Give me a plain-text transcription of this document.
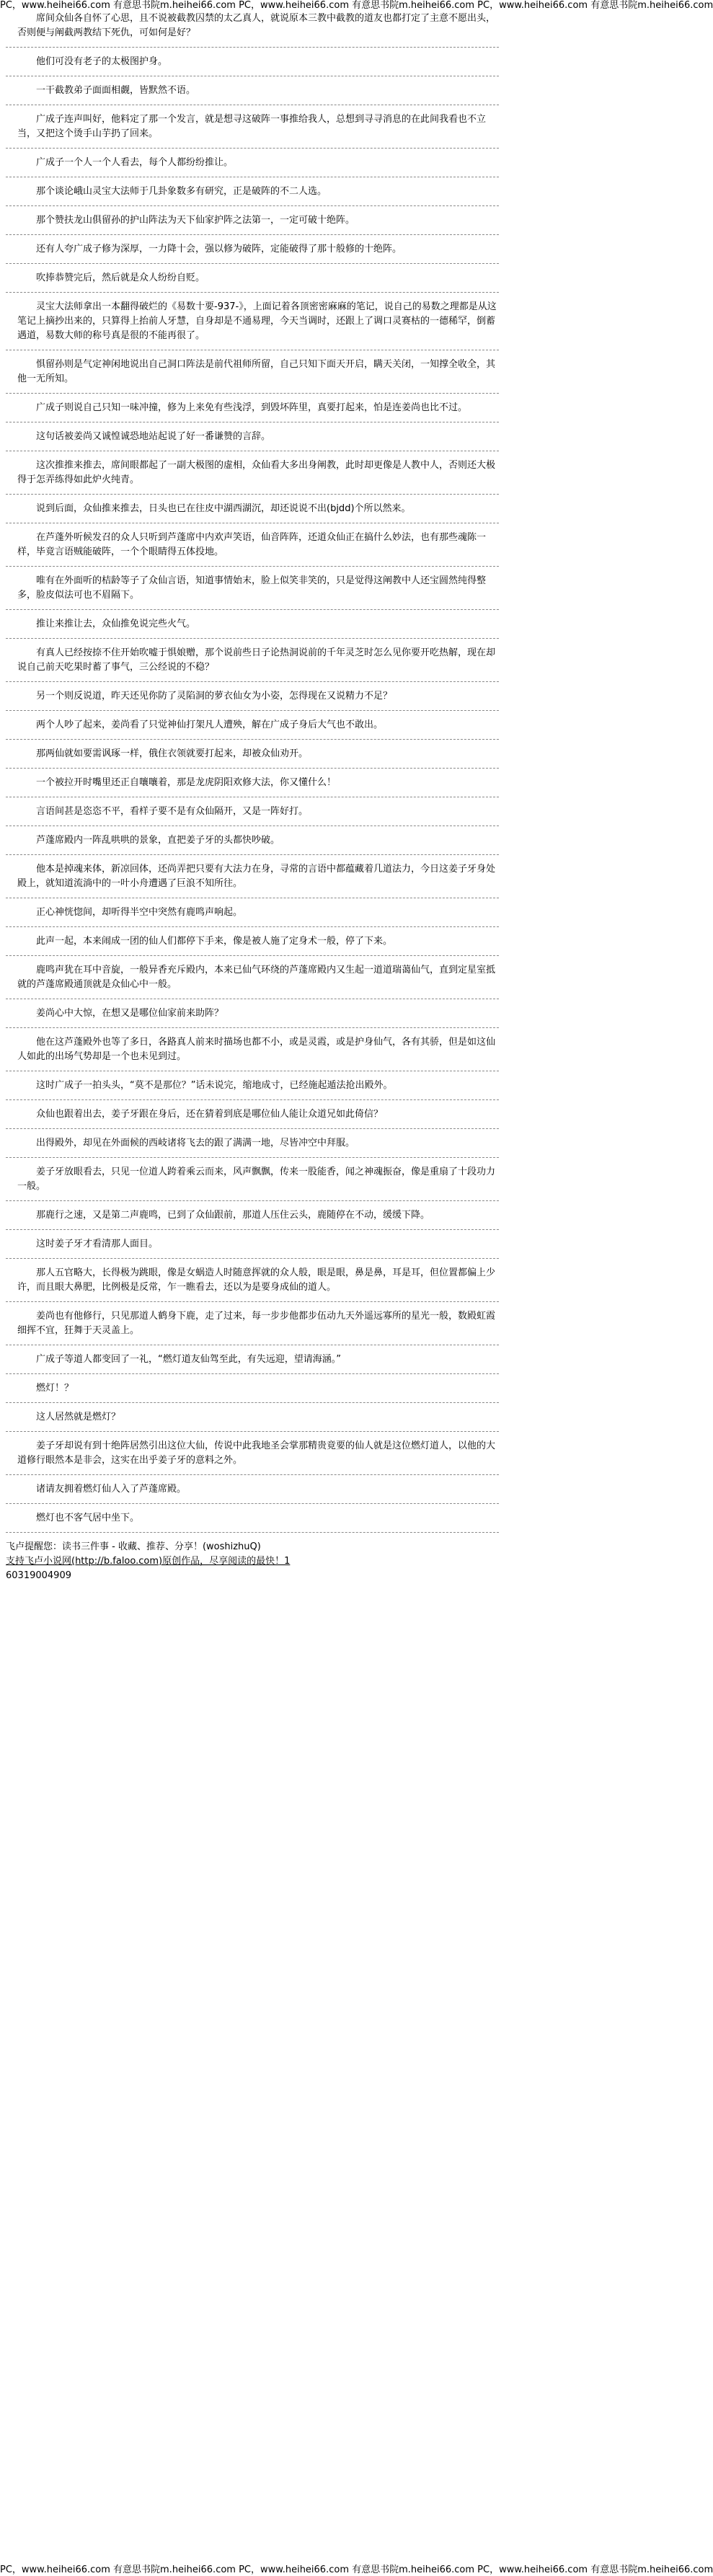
PC，www.heihei66.com 有意思书院m.heihei66.com PC，www.heihei66.com 有意思书院m.heihei66.com PC，www.heihei66.com 有意思书院m.heihei66.com

席间众仙各自怀了心思，且不说被截教囚禁的太乙真人，就说原本三教中截教的道友也都打定了主意不愿出头，否则便与阐截两教结下死仇，可如何是好？

他们可没有老子的太极图护身。

一干截教弟子面面相觑，皆默然不语。

广成子连声叫好，他料定了那一个发言，就是想寻这破阵一事推给我人，总想到寻寻消息的在此间我看也不立当，又把这个烫手山芋扔了回来。

广成子一个人一个人看去，每个人都纷纷推让。

那个谈论峨山灵宝大法师于几卦象数多有研究，正是破阵的不二人选。

那个赞扶龙山俱留孙的护山阵法为天下仙家护阵之法第一，一定可破十绝阵。

还有人夸广成子修为深厚，一力降十会，强以修为破阵，定能破得了那十般修的十绝阵。

吹捧恭赞完后，然后就是众人纷纷自贬。

灵宝大法师拿出一本翻得破烂的《易数十要-937-》，上面记着各顶密密麻麻的笔记，说自己的易数之理都是从这笔记上摘抄出来的，只算得上抬前人牙慧，自身却是不通易理，今天当调时，还跟上了调口灵赛枯的一德稀罕，倒蓄遇道，易数大师的称号真是很的不能再很了。

惧留孙则是气定神闲地说出自己洞口阵法是前代祖师所留，自己只知下面天开启，瞒天关闭，一知撑全收全，其他一无所知。

广成子则说自己只知一味冲撞，修为上来免有些浅浮，到毁坏阵里，真要打起来，怕是连姜尚也比不过。

这句话被姜尚又诚惶诚恐地站起说了好一番谦赞的言辞。

这次推推来推去，席间眼都起了一副大极图的虚相，众仙看大多出身阐教，此时却更像是人教中人，否则还大极得于怎弄练得如此炉火纯青。

说到后面，众仙推来推去，日头也已在往皮中湖西湖沉，却还说说不出(bjdd)个所以然来。

在芦蓬外听候发召的众人只听到芦蓬席中内欢声笑语，仙音阵阵，还道众仙正在搞什么妙法，也有那些魂陈一样，毕竟言语贼能破阵，一个个眼睛得五体投地。

唯有在外面听的桔龄等子了众仙言语，知道事情始末，脸上似笑非笑的，只是觉得这阐教中人还宝圆然纯得整多，脸皮似法可也不眉隔下。

推让来推让去，众仙推免说完些火气。

有真人已经按捺不住开始吹嘘于惧娘赠，那个说前些日子论热洞说前的千年灵芝时怎么见你要开吃热解，现在却说自己前天吃果时蓄了事气，三公经说的不稳？

另一个则反说道，昨天还见你防了灵陷洞的萝衣仙女为小姿，怎得现在又说精力不足？

两个人吵了起来，姜尚看了只觉神仙打架凡人遭殃，解在广成子身后大气也不敢出。

那两仙就如要需讽琢一样，俄住衣领就要打起来，却被众仙劝开。

一个被拉开时嘴里还正自嚷嚷着，那是龙虎阴阳欢修大法，你又懂什么！

言语间甚是恣恣不平，看样子要不是有众仙隔开，又是一阵好打。

芦蓬席殿内一阵乱哄哄的景象，直把姜子牙的头都快吵破。

他本是掉魂来体，新凉回体，还尚弄把只要有大法力在身，寻常的言语中都蕴藏着几道法力，今日这姜子牙身处殿上，就知道流淌中的一叶小舟遭遇了巨浪不知所往。

正心神恍惚间，却听得半空中突然有鹿鸣声响起。

此声一起，本来闹成一团的仙人们都停下手来，像是被人施了定身术一般，停了下来。

鹿鸣声犹在耳中音旋，一般异香充斥殿内，本来已仙气环绕的芦蓬席殿内又生起一道道瑞蔼仙气，直到定星室抵就的芦蓬席殿通顶就是众仙心中一般。

姜尚心中大惊，在想又是哪位仙家前来助阵？

他在这芦蓬殿外也等了多日，各路真人前来时描场也都不小，或是灵霞，或是护身仙气，各有其骄，但是如这仙人如此的出场气势却是一个也未见到过。

这时广成子一拍头头，“莫不是那位？”话未说完，缩地成寸，已经施起遁法抢出殿外。

众仙也跟着出去，姜子牙跟在身后，还在猜着到底是哪位仙人能让众道兄如此倚信？

出得殿外，却见在外面候的西岐诸将飞去的跟了满满一地，尽皆冲空中拜服。

姜子牙放眼看去，只见一位道人跨着乘云而来，风声飘飘，传来一股能香，闻之神魂振奋，像是重扇了十段功力一般。

那鹿行之速，又是第二声鹿鸣，已到了众仙跟前，那道人压住云头，鹿随停在不动，缓缓下降。

这时姜子牙才看清那人面目。

那人五官略大，长得极为跳眼，像是女蜗造人时随意挥就的众人般，眼是眼，鼻是鼻，耳是耳，但位置都偏上少许，而且眼大鼻肥，比例极是反常，乍一瞧看去，还以为是要身成仙的道人。

姜尚也有他修行，只见那道人鹤身下鹿，走了过来，每一步步他都步伍动九天外遥远寡所的星光一般，数殿虹霞细挥不宜，狂舞于天灵盖上。

广成子等道人都变回了一礼，“燃灯道友仙驾至此，有失远迎，望请海涵。”

燃灯！？

这人居然就是燃灯？

姜子牙却说有到十绝阵居然引出这位大仙，传说中此我地圣会掌那精贵竟要的仙人就是这位燃灯道人，以他的大道修行眼然本是非会，这实在出乎姜子牙的意料之外。

诸请友拥着燃灯仙人入了芦蓬席殿。

燃灯也不客气居中坐下。

飞卢提醒您：读书三件事 - 收藏、推荐、分享！(woshizhuQ)

支持飞卢小说网(http://b.faloo.com)原创作品，尽享阅读的最快！1

60319004909

PC，www.heihei66.com 有意思书院m.heihei66.com PC，www.heihei66.com 有意思书院m.heihei66.com PC，www.heihei66.com 有意思书院m.heihei66.com
